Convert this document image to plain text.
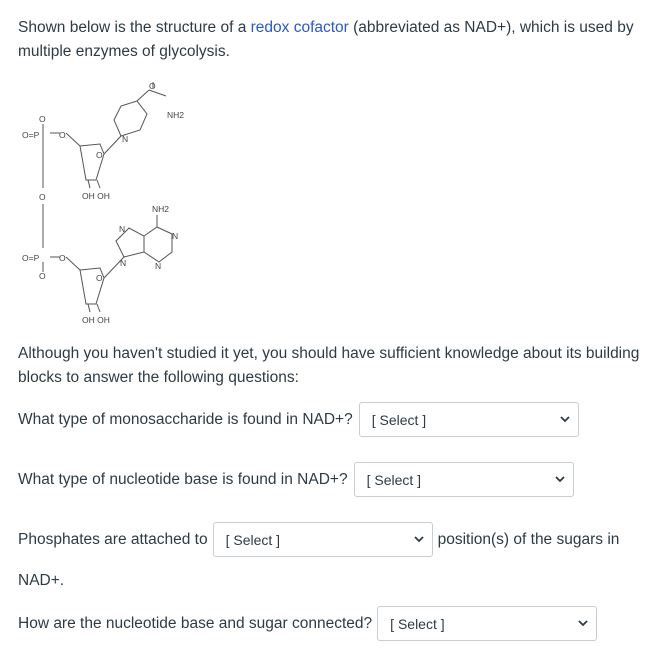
Shown below is the structure of a redox cofactor (abbreviated as NAD+), which is used by multiple enzymes of glycolysis.

O
O=P O
O
O=P O
O
O
O
OH OH
OH OH
O
NH2
NH2
N
N
N
N
N

Although you haven't studied it yet, you should have sufficient knowledge about its building blocks to answer the following questions:

What type of monosaccharide is found in NAD+? [ Select ]
What type of nucleotide base is found in NAD+? [ Select ]
Phosphates are attached to [ Select ]	position(s) of the sugars in
NAD+.
How are the nucleotide base and sugar connected? [ Select ]
